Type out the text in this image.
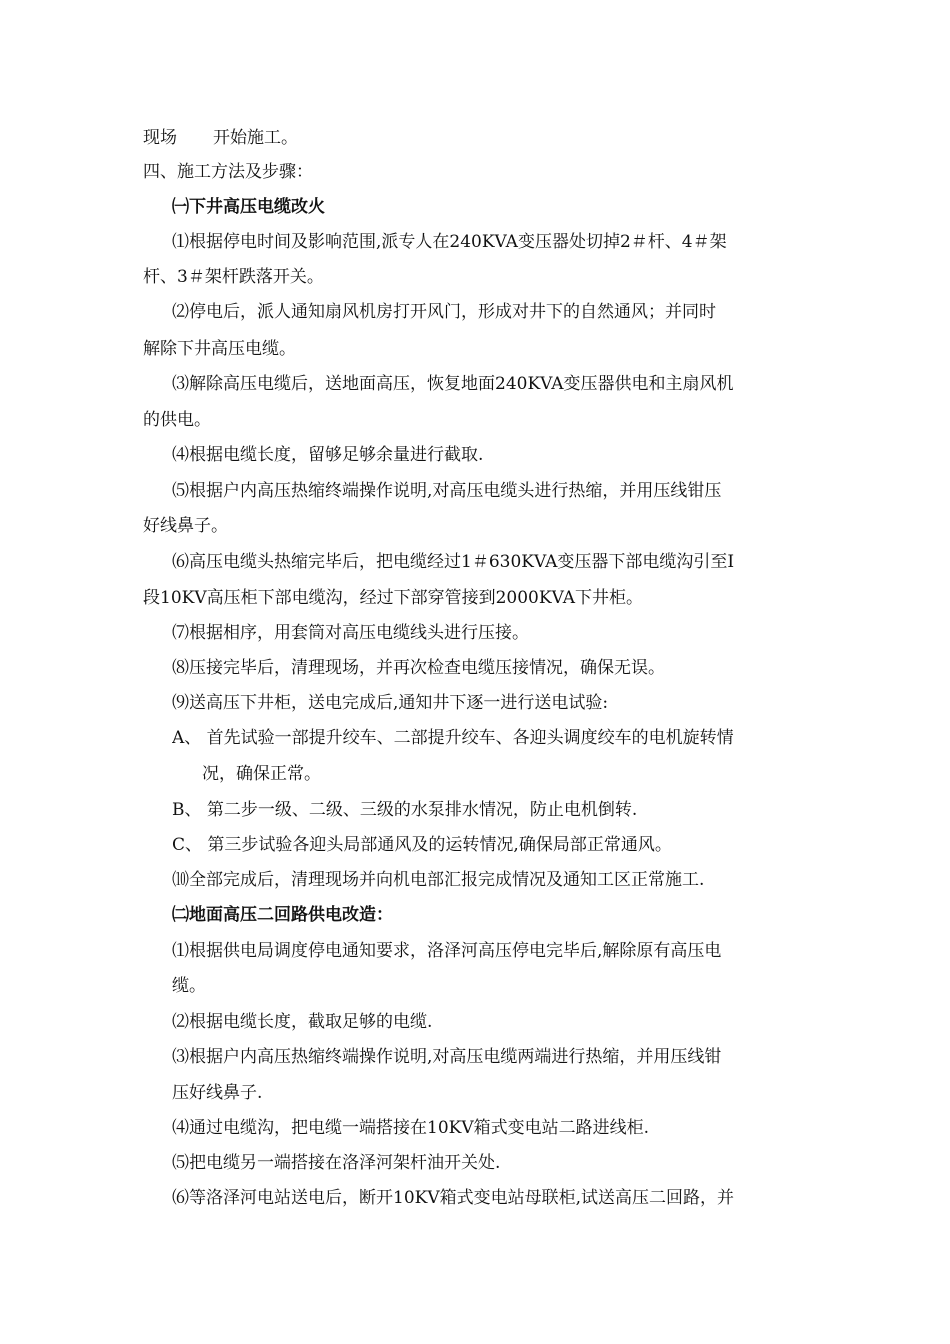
现场 开始施工。
四、施工方法及步骤：
㈠下井高压电缆改火
⑴根据停电时间及影响范围,派专人在240KVA变压器处切掉2＃杆、4＃架
杆、3＃架杆跌落开关。
⑵停电后，派人通知扇风机房打开风门，形成对井下的自然通风；并同时
解除下井高压电缆。
⑶解除高压电缆后，送地面高压，恢复地面240KVA变压器供电和主扇风机
的供电。
⑷根据电缆长度，留够足够余量进行截取.
⑸根据户内高压热缩终端操作说明,对高压电缆头进行热缩，并用压线钳压
好线鼻子。
⑹高压电缆头热缩完毕后，把电缆经过1＃630KVA变压器下部电缆沟引至Ⅰ
段10KV高压柜下部电缆沟，经过下部穿管接到2000KVA下井柜。
⑺根据相序，用套筒对高压电缆线头进行压接。
⑻压接完毕后，清理现场，并再次检查电缆压接情况，确保无误。
⑼送高压下井柜，送电完成后,通知井下逐一进行送电试验:
A、 首先试验一部提升绞车、二部提升绞车、各迎头调度绞车的电机旋转情
况，确保正常。
B、 第二步一级、二级、三级的水泵排水情况，防止电机倒转.
C、 第三步试验各迎头局部通风及的运转情况,确保局部正常通风。
⑽全部完成后，清理现场并向机电部汇报完成情况及通知工区正常施工.
㈡地面高压二回路供电改造：
⑴根据供电局调度停电通知要求，洛泽河高压停电完毕后,解除原有高压电
缆。
⑵根据电缆长度，截取足够的电缆.
⑶根据户内高压热缩终端操作说明,对高压电缆两端进行热缩，并用压线钳
压好线鼻子.
⑷通过电缆沟，把电缆一端搭接在10KV箱式变电站二路进线柜.
⑸把电缆另一端搭接在洛泽河架杆油开关处.
⑹等洛泽河电站送电后，断开10KV箱式变电站母联柜,试送高压二回路，并
